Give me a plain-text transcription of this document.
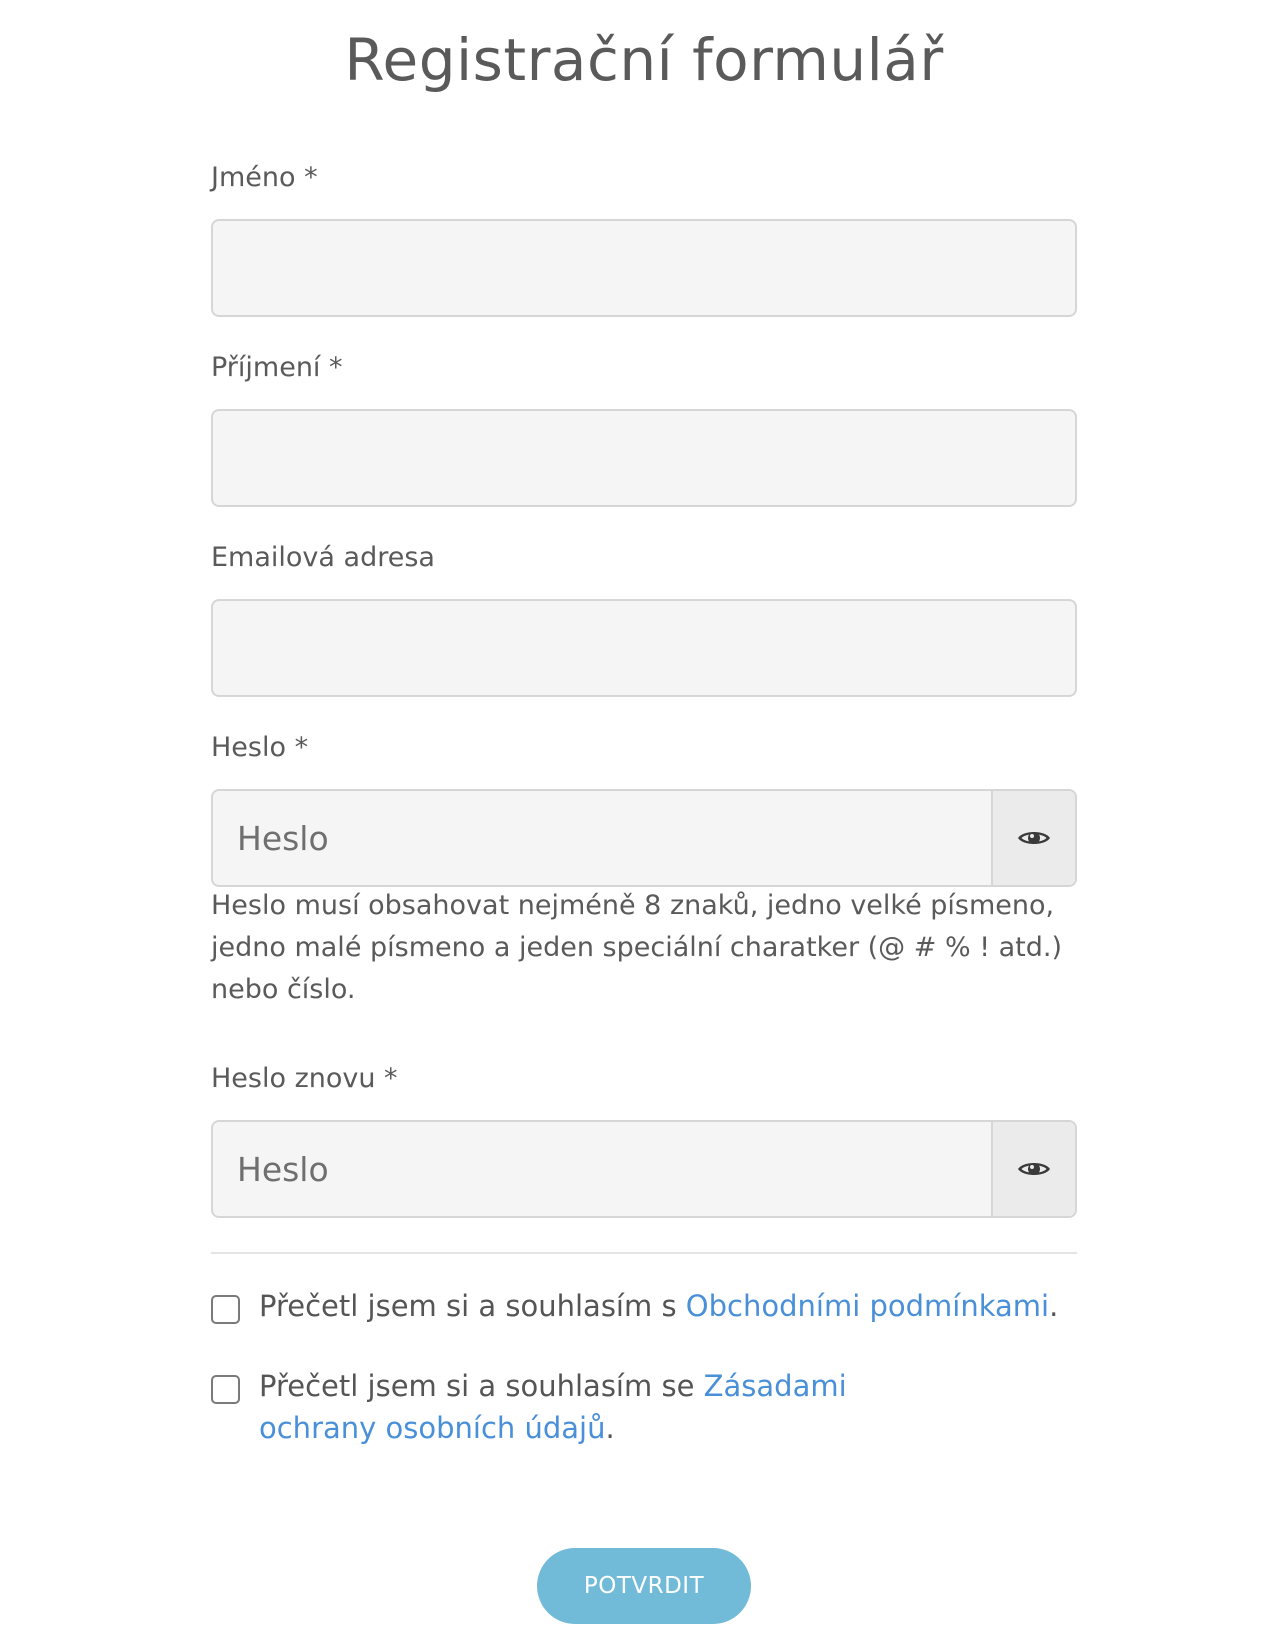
Registrační formulář
Jméno *
Příjmení *
Emailová adresa
Heslo *
Heslo
Heslo musí obsahovat nejméně 8 znaků, jedno velké písmeno, jedno malé písmeno a jeden speciální charatker (@ # % ! atd.) nebo číslo.
Heslo znovu *
Heslo
Přečetl jsem si a souhlasím s Obchodními podmínkami.
Přečetl jsem si a souhlasím se Zásadami ochrany osobních údajů.
POTVRDIT
